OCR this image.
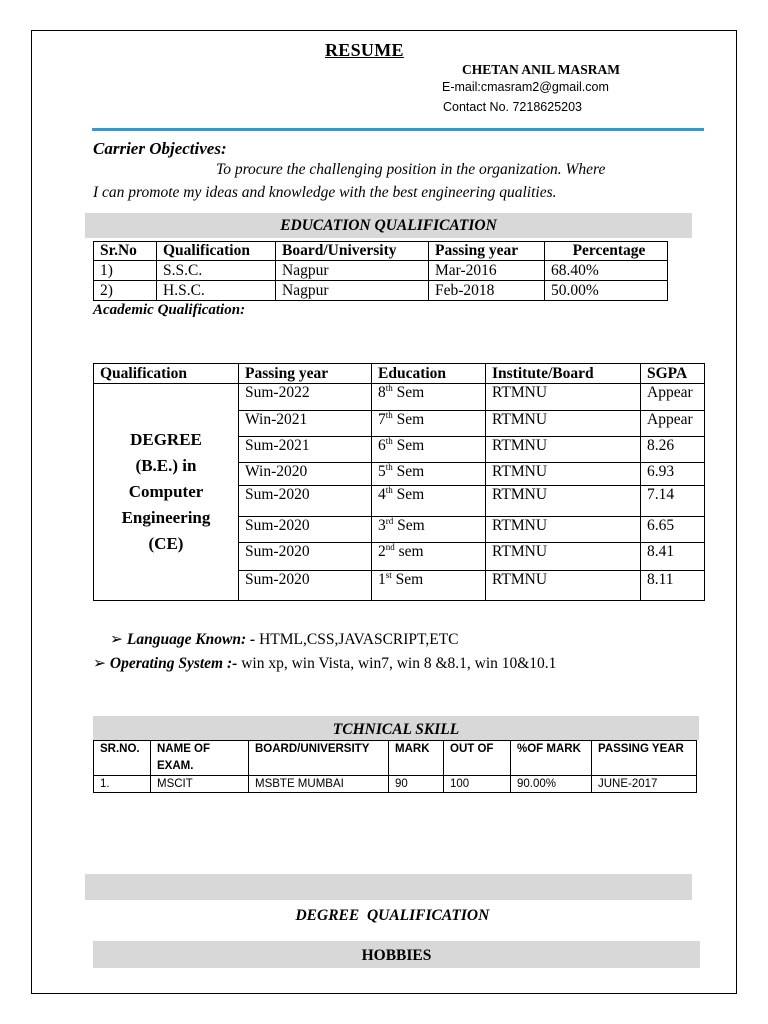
RESUME
CHETAN ANIL MASRAM
E-mail:cmasram2@gmail.com
Contact No. 7218625203
Carrier Objectives:
To procure the challenging position in the organization. Where
I can promote my ideas and knowledge with the best engineering qualities.
EDUCATION QUALIFICATION
Sr.No	Qualification	Board/University	Passing year	Percentage
1)	S.S.C.	Nagpur	Mar-2016	68.40%
2)	H.S.C.	Nagpur	Feb-2018	50.00%
Academic Qualification:
Qualification	Passing year	Education	Institute/Board	SGPA

DEGREE
(B.E.) in
Computer
Engineering
(CE)	Sum-2022	8th Sem	RTMNU	Appear
	Win-2021	7th Sem	RTMNU	Appear
	Sum-2021	6th Sem	RTMNU	8.26
	Win-2020	5th Sem	RTMNU	6.93
	Sum-2020	4th Sem	RTMNU	7.14
	Sum-2020	3rd Sem	RTMNU	6.65
	Sum-2020	2nd sem	RTMNU	8.41
	Sum-2020	1st Sem	RTMNU	8.11
➢ Language Known: - HTML,CSS,JAVASCRIPT,ETC
➢ Operating System :- win xp, win Vista, win7, win 8 &8.1, win 10&10.1
TCHNICAL SKILL
SR.NO.	NAME OF EXAM.	BOARD/UNIVERSITY	MARK	OUT OF	%OF MARK	PASSING YEAR
1.	MSCIT	MSBTE MUMBAI	90	100	90.00%	JUNE-2017

DEGREE  QUALIFICATION

HOBBIES
